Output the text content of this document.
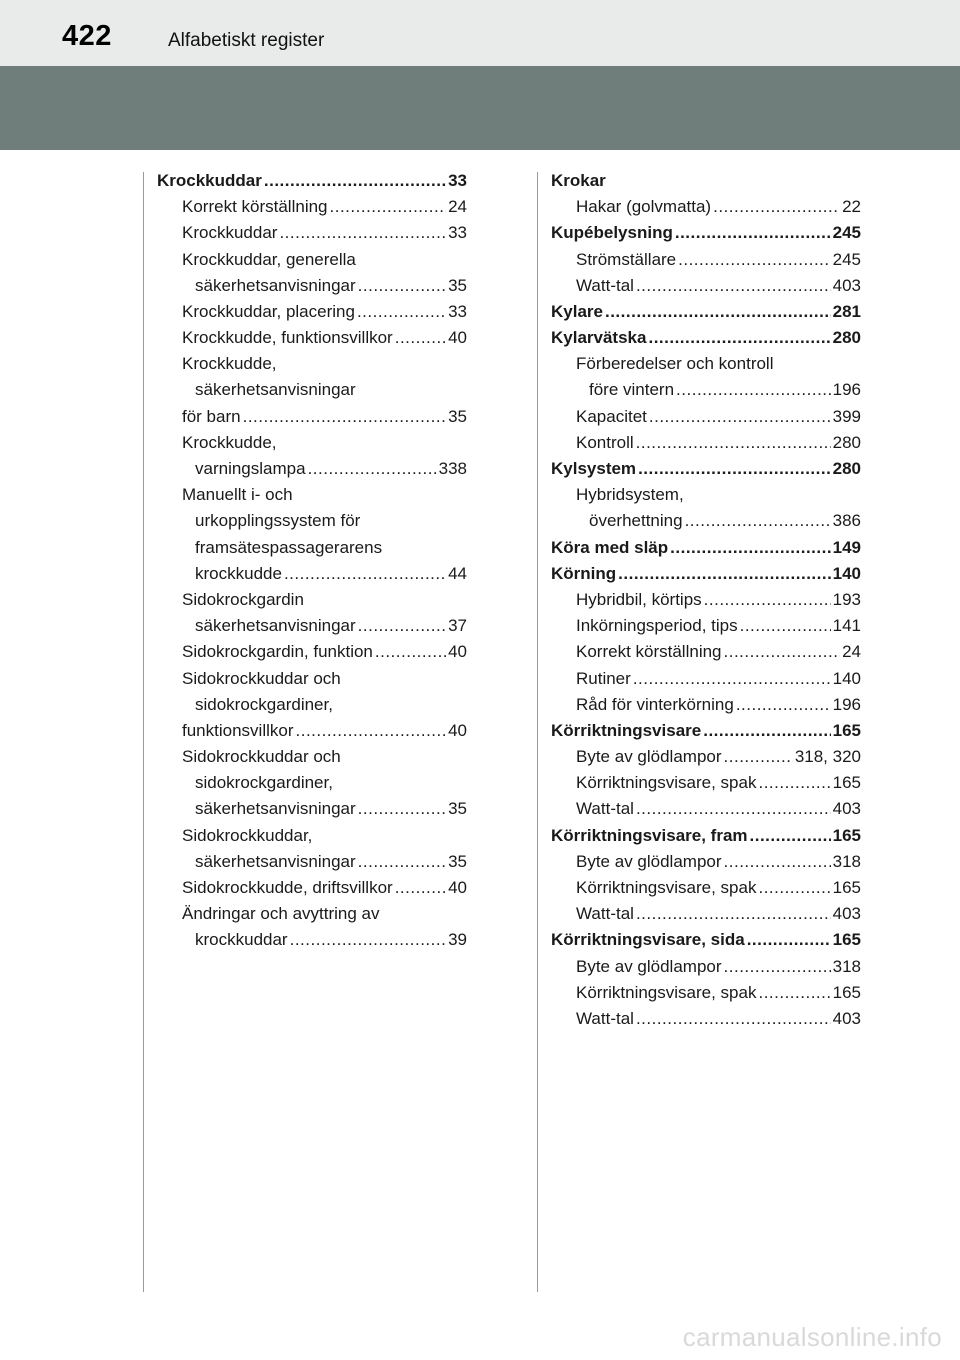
422	Alfabetiskt register
Krockkuddar .....	33
Korrekt körställning .....	24
Krockkuddar .....	33
Krockkuddar, generella
säkerhetsanvisningar .....	35
Krockkuddar, placering .....	33
Krockkudde, funktionsvillkor .....	40
Krockkudde,
säkerhetsanvisningar
för barn .....	35
Krockkudde,
varningslampa .....	338
Manuellt i- och
urkopplingssystem för
framsätespassagerarens
krockkudde .....	44
Sidokrockgardin
säkerhetsanvisningar .....	37
Sidokrockgardin, funktion .....	40
Sidokrockkuddar och
sidokrockgardiner,
funktionsvillkor .....	40
Sidokrockkuddar och
sidokrockgardiner,
säkerhetsanvisningar .....	35
Sidokrockkuddar,
säkerhetsanvisningar .....	35
Sidokrockkudde, driftsvillkor .....	40
Ändringar och avyttring av
krockkuddar .....	39
Krokar
Hakar (golvmatta) .....	22
Kupébelysning .....	245
Strömställare .....	245
Watt-tal .....	403
Kylare .....	281
Kylarvätska .....	280
Förberedelser och kontroll
före vintern .....	196
Kapacitet .....	399
Kontroll .....	280
Kylsystem .....	280
Hybridsystem,
överhettning .....	386
Köra med släp .....	149
Körning .....	140
Hybridbil, körtips .....	193
Inkörningsperiod, tips .....	141
Korrekt körställning .....	24
Rutiner .....	140
Råd för vinterkörning .....	196
Körriktningsvisare .....	165
Byte av glödlampor .....	318, 320
Körriktningsvisare, spak .....	165
Watt-tal .....	403
Körriktningsvisare, fram .....	165
Byte av glödlampor .....	318
Körriktningsvisare, spak .....	165
Watt-tal .....	403
Körriktningsvisare, sida .....	165
Byte av glödlampor .....	318
Körriktningsvisare, spak .....	165
Watt-tal .....	403
carmanualsonline.info
